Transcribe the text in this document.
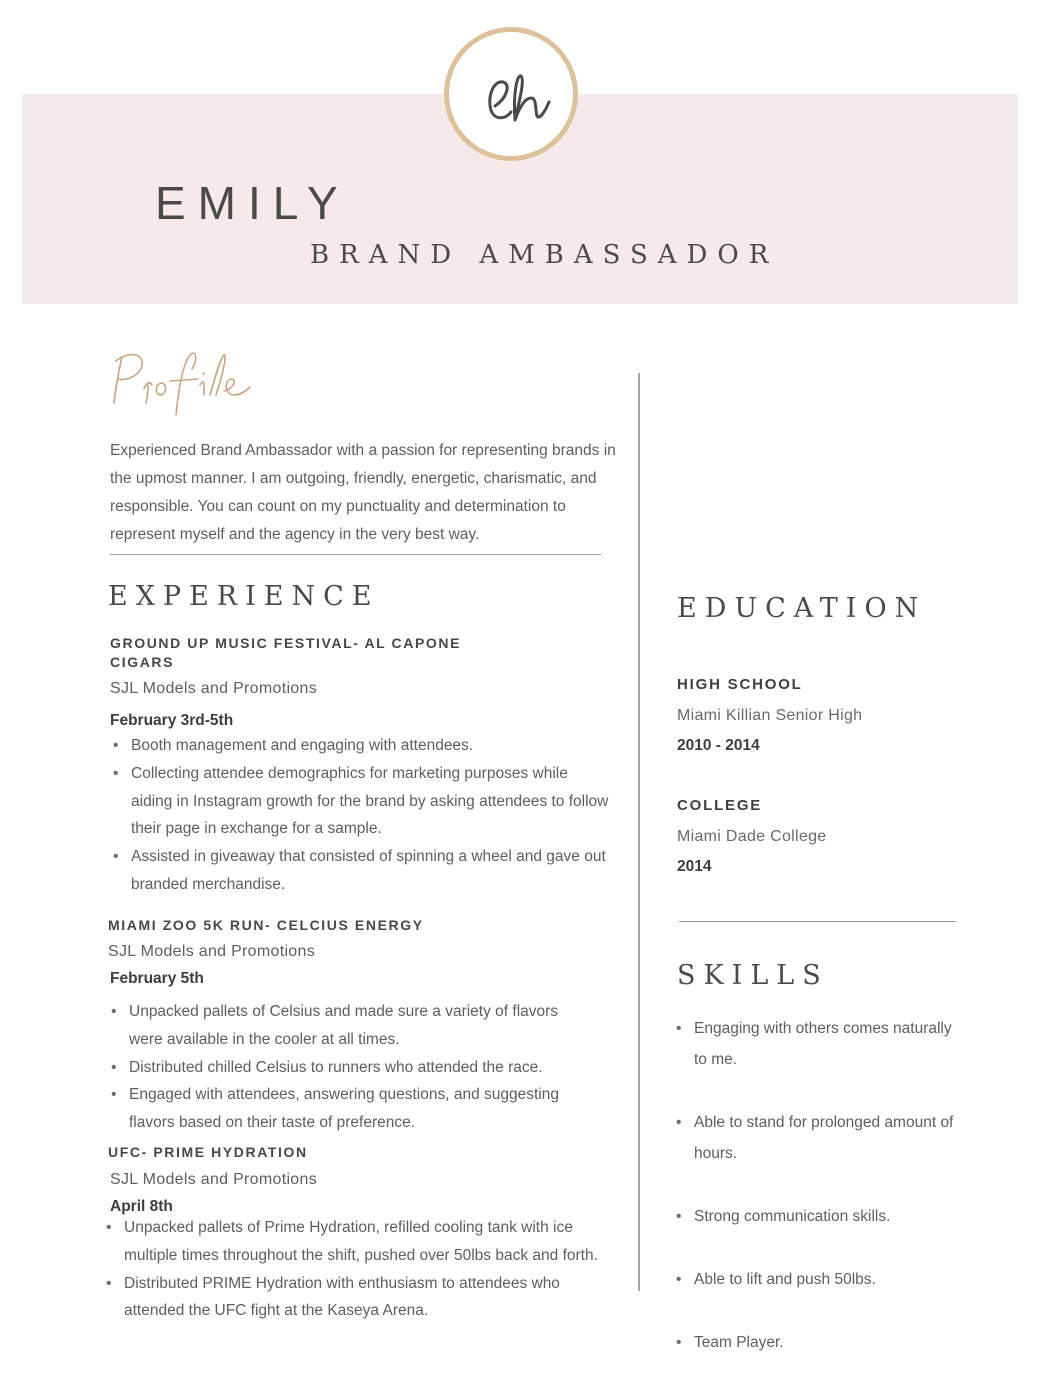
EMILY
BRAND AMBASSADOR

Experienced Brand Ambassador with a passion for representing brands in the upmost manner. I am outgoing, friendly, energetic, charismatic, and responsible. You can count on my punctuality and determination to represent myself and the agency in the very best way.

EXPERIENCE

GROUND UP MUSIC FESTIVAL- AL CAPONE
CIGARS

SJL Models and Promotions

February 3rd-5th

• Booth management and engaging with attendees.
• Collecting attendee demographics for marketing purposes while aiding in Instagram growth for the brand by asking attendees to follow their page in exchange for a sample.
• Assisted in giveaway that consisted of spinning a wheel and gave out branded merchandise.

MIAMI ZOO 5K RUN- CELCIUS ENERGY

SJL Models and Promotions

February 5th

• Unpacked pallets of Celsius and made sure a variety of flavors were available in the cooler at all times.
• Distributed chilled Celsius to runners who attended the race.
• Engaged with attendees, answering questions, and suggesting flavors based on their taste of preference.

UFC- PRIME HYDRATION

SJL Models and Promotions

April 8th

• Unpacked pallets of Prime Hydration, refilled cooling tank with ice multiple times throughout the shift, pushed over 50lbs back and forth.
• Distributed PRIME Hydration with enthusiasm to attendees who attended the UFC fight at the Kaseya Arena.
EDUCATION

HIGH SCHOOL

Miami Killian Senior High

2010 - 2014

COLLEGE

Miami Dade College

2014

SKILLS
• Engaging with others comes naturally to me.
• Able to stand for prolonged amount of hours.
• Strong communication skills.
• Able to lift and push 50lbs.
• Team Player.
